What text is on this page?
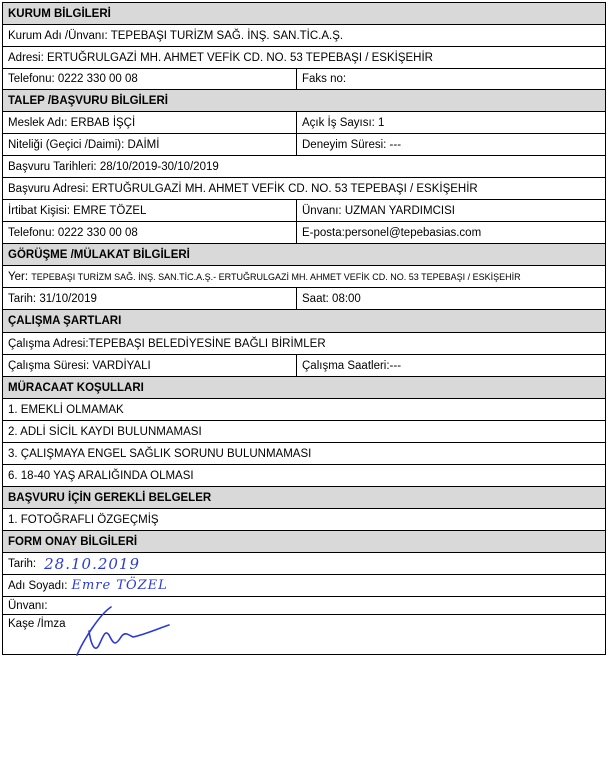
KURUM BİLGİLERİ
Kurum Adı /Ünvanı: TEPEBAŞI TURİZM SAĞ. İNŞ. SAN.TİC.A.Ş.
Adresi: ERTUĞRULGAZİ MH. AHMET VEFİK CD. NO. 53 TEPEBAŞI / ESKİŞEHİR
Telefonu: 0222 330 00 08	Faks no:
TALEP /BAŞVURU BİLGİLERİ
Meslek Adı: ERBAB İŞÇİ	Açık İş Sayısı: 1
Niteliği (Geçici /Daimi): DAİMİ	Deneyim Süresi: ---
Başvuru Tarihleri: 28/10/2019-30/10/2019
Başvuru Adresi: ERTUĞRULGAZİ MH. AHMET VEFİK CD. NO. 53 TEPEBAŞI / ESKİŞEHİR
İrtibat Kişisi: EMRE TÖZEL	Ünvanı: UZMAN YARDIMCISI
Telefonu: 0222 330 00 08	E-posta:personel@tepebasias.com
GÖRÜŞME /MÜLAKAT BİLGİLERİ
Yer:
TEPEBAŞI TURİZM SAĞ. İNŞ. SAN.TİC.A.Ş.- ERTUĞRULGAZİ MH. AHMET VEFİK CD. NO. 53 TEPEBAŞI / ESKİŞEHİR
Tarih: 31/10/2019	Saat: 08:00
ÇALIŞMA ŞARTLARI
Çalışma Adresi:TEPEBAŞI BELEDİYESİNE BAĞLI BİRİMLER
Çalışma Süresi: VARDİYALI	Çalışma Saatleri:---
MÜRACAAT KOŞULLARI
1. EMEKLİ OLMAMAK
2. ADLİ SİCİL KAYDI BULUNMAMASI
3. ÇALIŞMAYA ENGEL SAĞLIK SORUNU BULUNMAMASI
6. 18-40 YAŞ ARALIĞINDA OLMASI
BAŞVURU İÇİN GEREKLİ BELGELER
1. FOTOĞRAFLI ÖZGEÇMİŞ
FORM ONAY BİLGİLERİ
Tarih: 28.10.2019
Adı Soyadı: Emre TÖZEL
Ünvanı:
Kaşe /İmza
